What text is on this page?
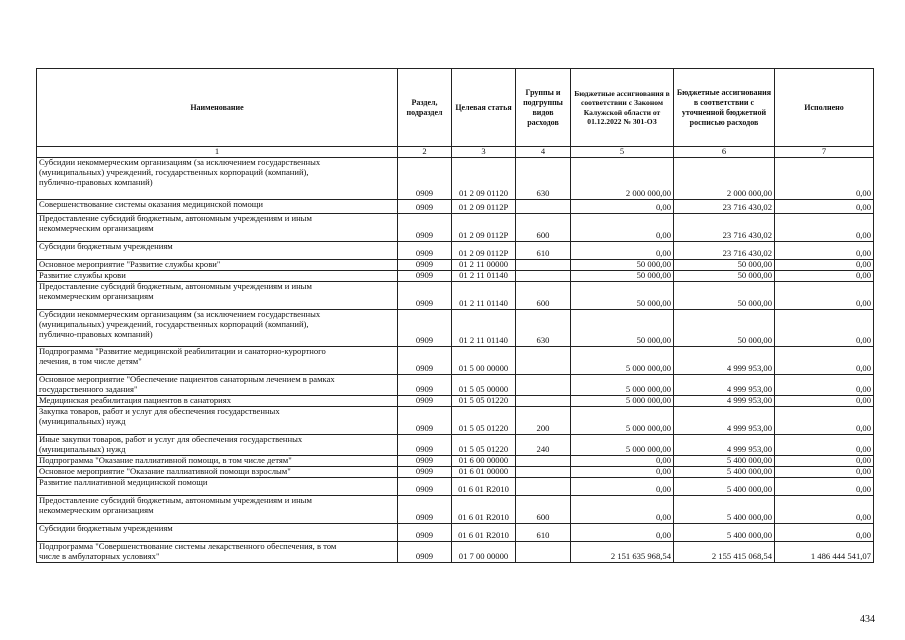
Наименование	Раздел, подраздел	Целевая статья	Группы и подгруппы видов расходов	Бюджетные ассигнования в соответствии с Законом Калужской области от 01.12.2022 № 301-ОЗ	Бюджетные ассигнования в соответствии с уточненной бюджетной росписью расходов	Исполнено
1	2	3	4	5	6	7
Субсидии некоммерческим организациям (за исключением государственных
(муниципальных) учреждений, государственных корпораций (компаний),
публично-правовых компаний)	0909	01 2 09 01120	630	2 000 000,00	2 000 000,00	0,00
Совершенствование системы оказания медицинской помощи	0909	01 2 09 0112Р		0,00	23 716 430,02	0,00
Предоставление субсидий бюджетным, автономным учреждениям и иным
некоммерческим организациям	0909	01 2 09 0112Р	600	0,00	23 716 430,02	0,00
Субсидии бюджетным учреждениям	0909	01 2 09 0112Р	610	0,00	23 716 430,02	0,00
Основное мероприятие "Развитие службы крови"	0909	01 2 11 00000		50 000,00	50 000,00	0,00
Развитие службы крови	0909	01 2 11 01140		50 000,00	50 000,00	0,00
Предоставление субсидий бюджетным, автономным учреждениям и иным
некоммерческим организациям	0909	01 2 11 01140	600	50 000,00	50 000,00	0,00
Субсидии некоммерческим организациям (за исключением государственных
(муниципальных) учреждений, государственных корпораций (компаний),
публично-правовых компаний)	0909	01 2 11 01140	630	50 000,00	50 000,00	0,00
Подпрограмма "Развитие медицинской реабилитации и санаторно-курортного
лечения, в том числе детям"	0909	01 5 00 00000		5 000 000,00	4 999 953,00	0,00
Основное мероприятие "Обеспечение пациентов санаторным лечением в рамках
государственного задания"	0909	01 5 05 00000		5 000 000,00	4 999 953,00	0,00
Медицинская реабилитация пациентов в санаториях	0909	01 5 05 01220		5 000 000,00	4 999 953,00	0,00
Закупка товаров, работ и услуг для обеспечения государственных
(муниципальных) нужд	0909	01 5 05 01220	200	5 000 000,00	4 999 953,00	0,00
Иные закупки товаров, работ и услуг для обеспечения государственных
(муниципальных) нужд	0909	01 5 05 01220	240	5 000 000,00	4 999 953,00	0,00
Подпрограмма "Оказание паллиативной помощи, в том числе детям"	0909	01 6 00 00000		0,00	5 400 000,00	0,00
Основное мероприятие "Оказание паллиативной помощи взрослым"	0909	01 6 01 00000		0,00	5 400 000,00	0,00
Развитие паллиативной медицинской помощи	0909	01 6 01 R2010		0,00	5 400 000,00	0,00
Предоставление субсидий бюджетным, автономным учреждениям и иным
некоммерческим организациям	0909	01 6 01 R2010	600	0,00	5 400 000,00	0,00
Субсидии бюджетным учреждениям	0909	01 6 01 R2010	610	0,00	5 400 000,00	0,00
Подпрограмма "Совершенствование системы лекарственного обеспечения, в том
числе в амбулаторных условиях"	0909	01 7 00 00000		2 151 635 968,54	2 155 415 068,54	1 486 444 541,07
434
